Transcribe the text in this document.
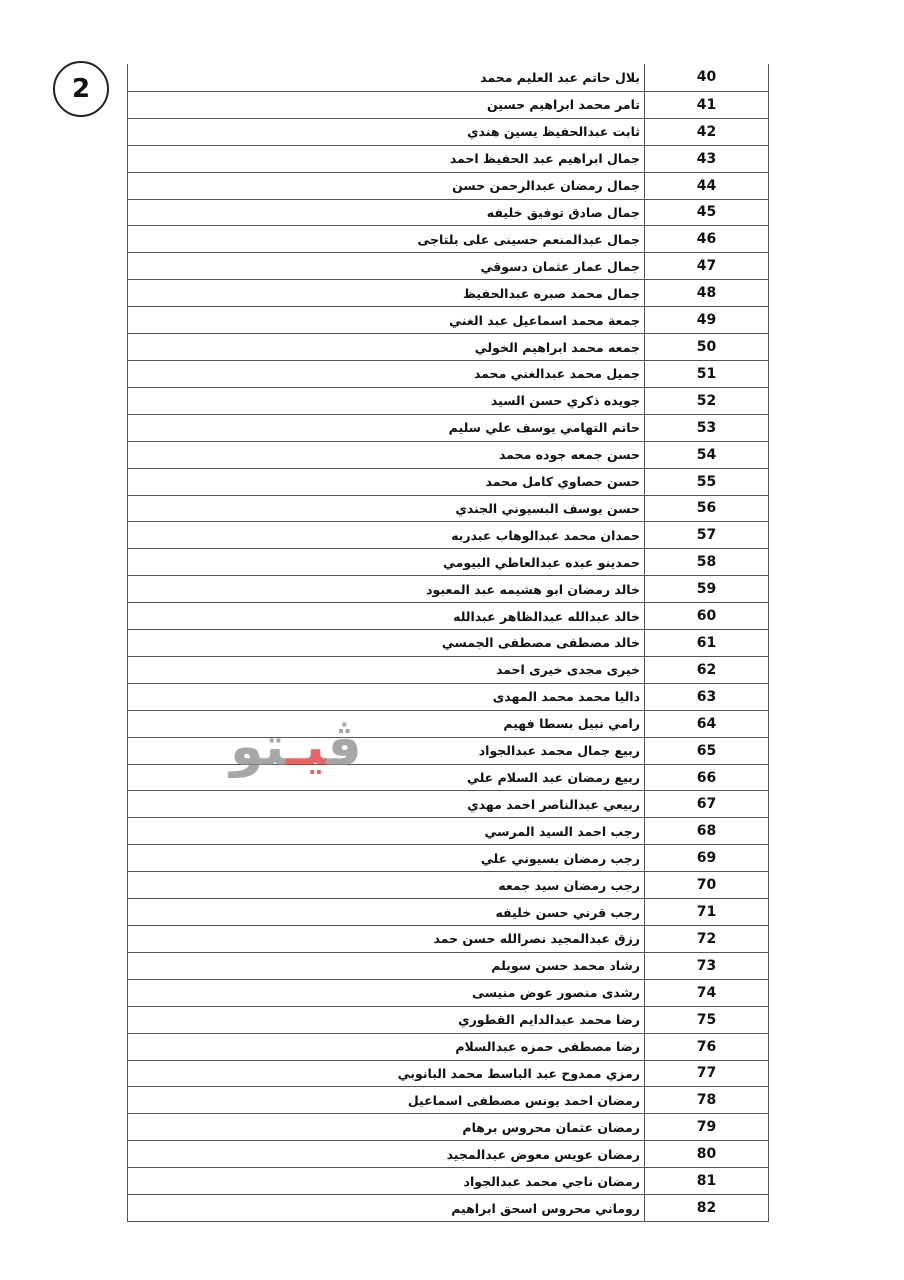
2	بلال حاتم عبد العليم محمد	40
تامر محمد ابراهيم حسين	41
ثابت عبدالحفيظ يسين هندي	42
جمال ابراهيم عبد الحفيظ احمد	43
جمال رمضان عبدالرحمن حسن	44
جمال صادق توفيق خليفه	45
جمال عبدالمنعم حسينى على بلتاجى	46
جمال عمار عثمان دسوقي	47
جمال محمد صبره عبدالحفيظ	48
جمعة محمد اسماعيل عبد الغني	49
جمعه محمد ابراهيم الخولي	50
جميل محمد عبدالغني محمد	51
جويده ذكري حسن السيد	52
حاتم التهامي يوسف علي سليم	53
حسن جمعه جوده محمد	54
حسن حصاوي كامل محمد	55
حسن يوسف البسيوني الجندي	56
حمدان محمد عبدالوهاب عبدربه	57
حمدينو عبده عبدالعاطي البيومي	58
خالد رمضان ابو هشيمه عبد المعبود	59
خالد عبدالله عبدالظاهر عبدالله	60
خالد مصطفى مصطفى الجمسي	61
خيرى مجدى خيرى احمد	62
داليا محمد محمد المهدى	63
رامي نبيل بسطا فهيم	64
ربيع جمال محمد عبدالجواد	65
ربيع رمضان عبد السلام علي	66
ربيعي عبدالناصر احمد مهدي	67
رجب احمد السيد المرسي	68
رجب رمضان بسيوني علي	69
رجب رمضان سيد جمعه	70
رجب قرني حسن خليفه	71
رزق عبدالمجيد نصرالله حسن حمد	72
رشاد محمد حسن سويلم	73
رشدى منصور عوض منيسى	74
رضا محمد عبدالدايم القطوري	75
رضا مصطفى حمزه عبدالسلام	76
رمزي ممدوح عبد الباسط محمد البانوبي	77
رمضان احمد يونس مصطفى اسماعيل	78
رمضان عثمان محروس برهام	79
رمضان عويس معوض عبدالمجيد	80
رمضان ناجي محمد عبدالجواد	81
روماني محروس اسحق ابراهيم	82
ڤيـتو
